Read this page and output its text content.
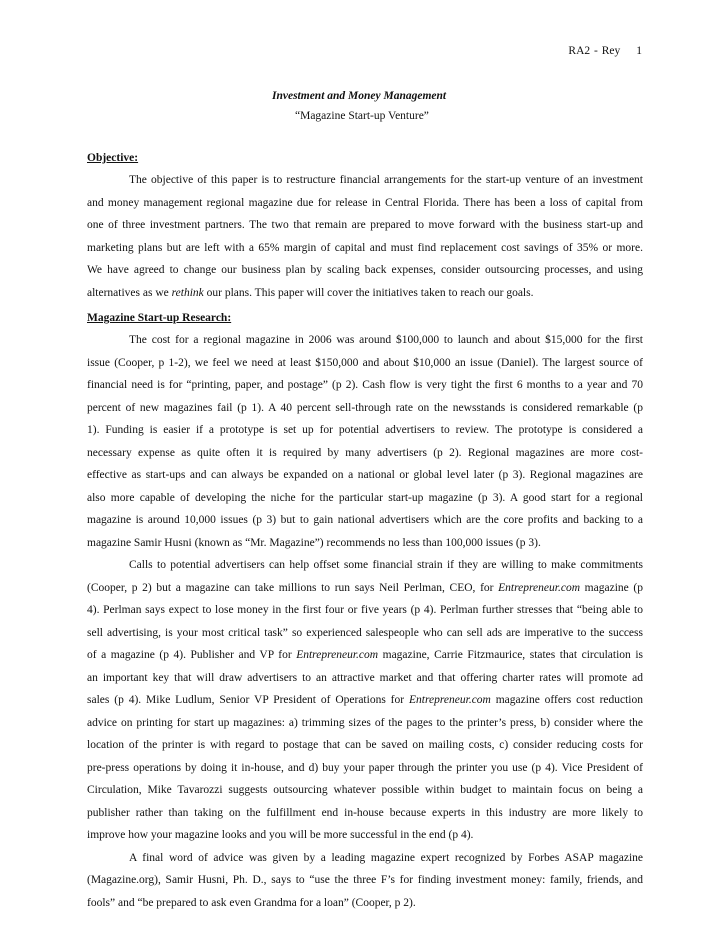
RA2 - Rey 1
Investment and Money Management
“Magazine Start-up Venture”
Objective:
The objective of this paper is to restructure financial arrangements for the start-up venture of an investment
and money management regional magazine due for release in Central Florida. There has been a loss of capital from
one of three investment partners. The two that remain are prepared to move forward with the business start-up and
marketing plans but are left with a 65% margin of capital and must find replacement cost savings of 35% or more.
We have agreed to change our business plan by scaling back expenses, consider outsourcing processes, and using
alternatives as we rethink our plans. This paper will cover the initiatives taken to reach our goals.
Magazine Start-up Research:
The cost for a regional magazine in 2006 was around $100,000 to launch and about $15,000 for the first
issue (Cooper, p 1-2), we feel we need at least $150,000 and about $10,000 an issue (Daniel). The largest source of
financial need is for “printing, paper, and postage” (p 2). Cash flow is very tight the first 6 months to a year and 70
percent of new magazines fail (p 1). A 40 percent sell-through rate on the newsstands is considered remarkable (p
1). Funding is easier if a prototype is set up for potential advertisers to review. The prototype is considered a
necessary expense as quite often it is required by many advertisers (p 2). Regional magazines are more cost-
effective as start-ups and can always be expanded on a national or global level later (p 3). Regional magazines are
also more capable of developing the niche for the particular start-up magazine (p 3). A good start for a regional
magazine is around 10,000 issues (p 3) but to gain national advertisers which are the core profits and backing to a
magazine Samir Husni (known as “Mr. Magazine”) recommends no less than 100,000 issues (p 3).
Calls to potential advertisers can help offset some financial strain if they are willing to make commitments
(Cooper, p 2) but a magazine can take millions to run says Neil Perlman, CEO, for Entrepreneur.com magazine (p
4). Perlman says expect to lose money in the first four or five years (p 4). Perlman further stresses that “being able to
sell advertising, is your most critical task” so experienced salespeople who can sell ads are imperative to the success
of a magazine (p 4). Publisher and VP for Entrepreneur.com magazine, Carrie Fitzmaurice, states that circulation is
an important key that will draw advertisers to an attractive market and that offering charter rates will promote ad
sales (p 4). Mike Ludlum, Senior VP President of Operations for Entrepreneur.com magazine offers cost reduction
advice on printing for start up magazines: a) trimming sizes of the pages to the printer’s press, b) consider where the
location of the printer is with regard to postage that can be saved on mailing costs, c) consider reducing costs for
pre-press operations by doing it in-house, and d) buy your paper through the printer you use (p 4). Vice President of
Circulation, Mike Tavarozzi suggests outsourcing whatever possible within budget to maintain focus on being a
publisher rather than taking on the fulfillment end in-house because experts in this industry are more likely to
improve how your magazine looks and you will be more successful in the end (p 4).
A final word of advice was given by a leading magazine expert recognized by Forbes ASAP magazine
(Magazine.org), Samir Husni, Ph. D., says to “use the three F’s for finding investment money: family, friends, and
fools” and “be prepared to ask even Grandma for a loan” (Cooper, p 2).
